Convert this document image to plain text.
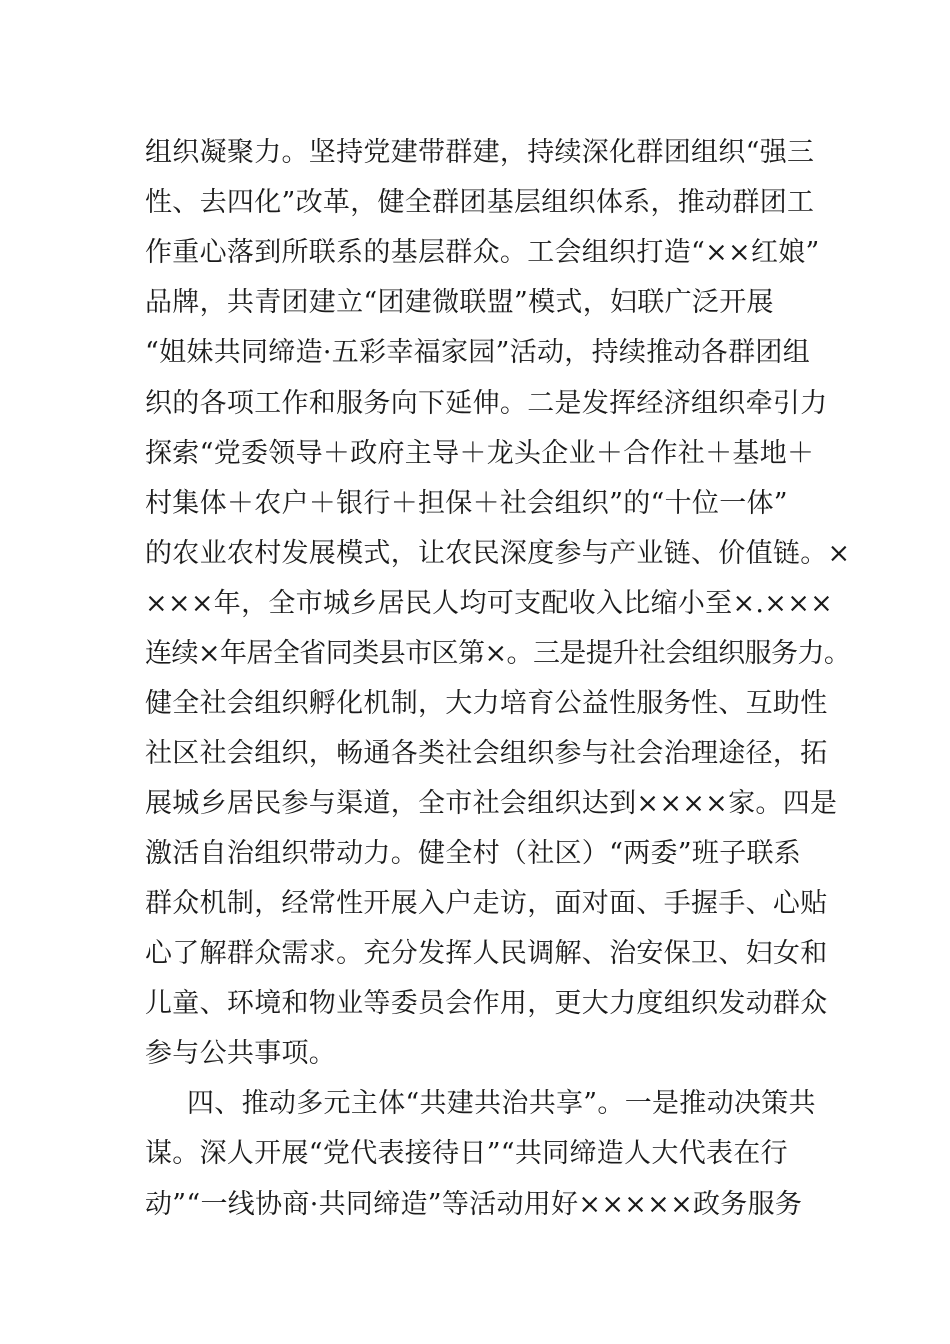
组织凝聚力。坚持党建带群建，持续深化群团组织“强三
性、去四化”改革，健全群团基层组织体系，推动群团工
作重心落到所联系的基层群众。工会组织打造“××红娘”
品牌，共青团建立“团建微联盟”模式，妇联广泛开展
“姐妹共同缔造·五彩幸福家园”活动，持续推动各群团组
织的各项工作和服务向下延伸。二是发挥经济组织牵引力
探索“党委领导＋政府主导＋龙头企业＋合作社＋基地＋
村集体＋农户＋银行＋担保＋社会组织”的“十位一体”
的农业农村发展模式，让农民深度参与产业链、价值链。×
×××年，全市城乡居民人均可支配收入比缩小至×.×××
连续×年居全省同类县市区第×。三是提升社会组织服务力。
健全社会组织孵化机制，大力培育公益性服务性、互助性
社区社会组织，畅通各类社会组织参与社会治理途径，拓
展城乡居民参与渠道，全市社会组织达到××××家。四是
激活自治组织带动力。健全村（社区）“两委”班子联系
群众机制，经常性开展入户走访，面对面、手握手、心贴
心了解群众需求。充分发挥人民调解、治安保卫、妇女和
儿童、环境和物业等委员会作用，更大力度组织发动群众
参与公共事项。
四、推动多元主体“共建共治共享”。一是推动决策共
谋。深人开展“党代表接待日”“共同缔造人大代表在行
动”“一线协商·共同缔造”等活动用好×××××政务服务
